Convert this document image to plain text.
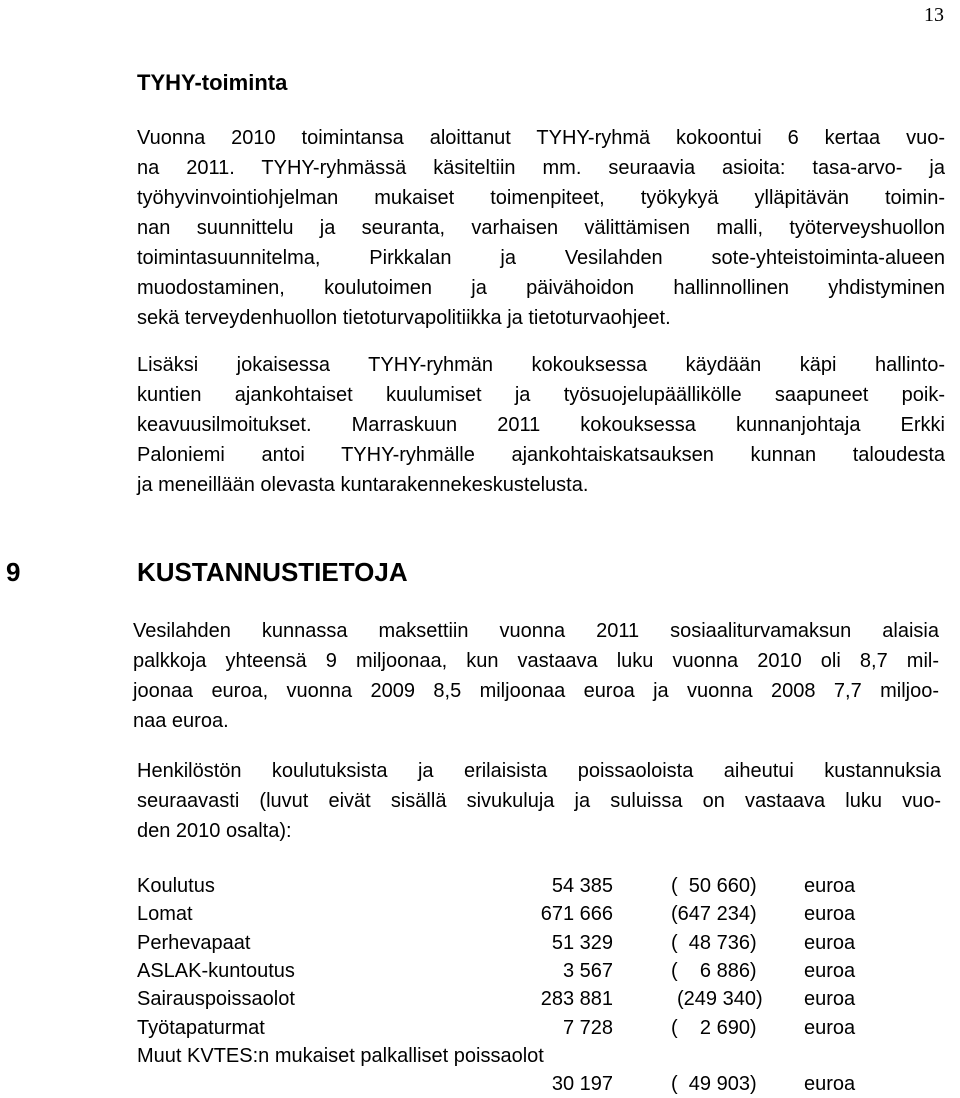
13
TYHY-toiminta
Vuonna 2010 toimintansa aloittanut TYHY-ryhmä kokoontui 6 kertaa vuo-
na 2011. TYHY-ryhmässä käsiteltiin mm. seuraavia asioita: tasa-arvo- ja
työhyvinvointiohjelman mukaiset toimenpiteet, työkykyä ylläpitävän toimin-
nan suunnittelu ja seuranta, varhaisen välittämisen malli, työterveyshuollon
toimintasuunnitelma, Pirkkalan ja Vesilahden sote-yhteistoiminta-alueen
muodostaminen, koulutoimen ja päivähoidon hallinnollinen yhdistyminen
sekä terveydenhuollon tietoturvapolitiikka ja tietoturvaohjeet.
Lisäksi jokaisessa TYHY-ryhmän kokouksessa käydään käpi hallinto-
kuntien ajankohtaiset kuulumiset ja työsuojelupäällikölle saapuneet poik-
keavuusilmoitukset. Marraskuun 2011 kokouksessa kunnanjohtaja Erkki
Paloniemi antoi TYHY-ryhmälle ajankohtaiskatsauksen kunnan taloudesta
ja meneillään olevasta kuntarakennekeskustelusta.
9	KUSTANNUSTIETOJA
Vesilahden kunnassa maksettiin vuonna 2011 sosiaaliturvamaksun alaisia
palkkoja yhteensä 9 miljoonaa, kun vastaava luku vuonna 2010 oli 8,7 mil-
joonaa euroa, vuonna 2009 8,5 miljoonaa euroa ja vuonna 2008 7,7 miljoo-
naa euroa.
Henkilöstön koulutuksista ja erilaisista poissaoloista aiheutui kustannuksia
seuraavasti (luvut eivät sisällä sivukuluja ja suluissa on vastaava luku vuo-
den 2010 osalta):
Koulutus	54 385	(  50 660) euroa
Lomat	671 666	(647 234) euroa
Perhevapaat	51 329	(  48 736) euroa
ASLAK-kuntoutus	3 567	(    6 886) euroa
Sairauspoissaolot	283 881	(249 340) euroa
Työtapaturmat	7 728	(    2 690) euroa
Muut KVTES:n mukaiset palkalliset poissaolot
30 197	(  49 903) euroa
